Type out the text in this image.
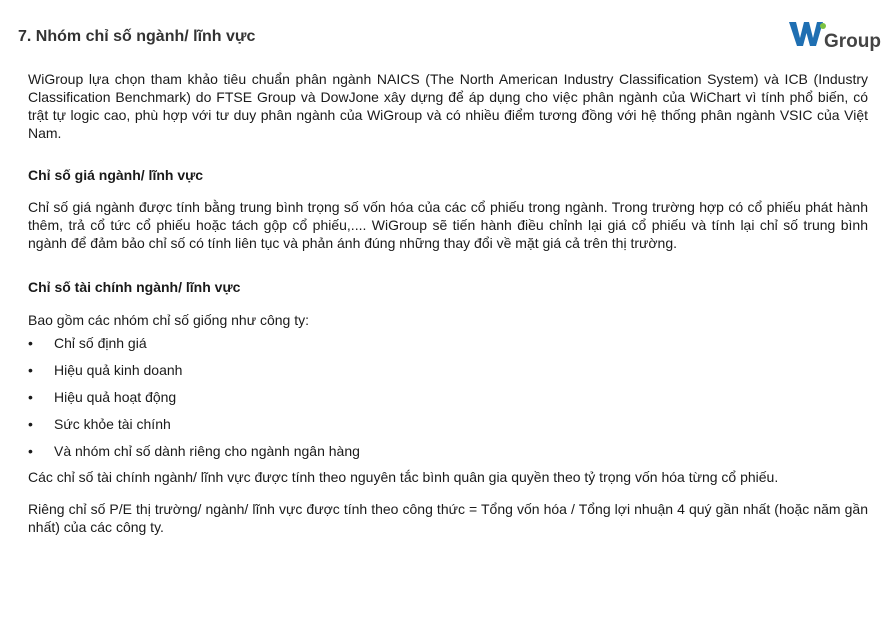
7. Nhóm chỉ số ngành/ lĩnh vực	Group

WiGroup lựa chọn tham khảo tiêu chuẩn phân ngành NAICS (The North American Industry Classification System) và ICB (Industry Classification Benchmark) do FTSE Group và DowJone xây dựng để áp dụng cho việc phân ngành của WiChart vì tính phổ biến, có trật tự logic cao, phù hợp với tư duy phân ngành của WiGroup và có nhiều điểm tương đồng với hệ thống phân ngành VSIC của Việt Nam.

Chỉ số giá ngành/ lĩnh vực

Chỉ số giá ngành được tính bằng trung bình trọng số vốn hóa của các cổ phiếu trong ngành. Trong trường hợp có cổ phiếu phát hành thêm, trả cổ tức cổ phiếu hoặc tách gộp cổ phiếu,.... WiGroup sẽ tiến hành điều chỉnh lại giá cổ phiếu và tính lại chỉ số trung bình ngành để đảm bảo chỉ số có tính liên tục và phản ánh đúng những thay đổi về mặt giá cả trên thị trường.

Chỉ số tài chính ngành/ lĩnh vực

Bao gồm các nhóm chỉ số giống như công ty:

• Chỉ số định giá
• Hiệu quả kinh doanh
• Hiệu quả hoạt động
• Sức khỏe tài chính
• Và nhóm chỉ số dành riêng cho ngành ngân hàng

Các chỉ số tài chính ngành/ lĩnh vực được tính theo nguyên tắc bình quân gia quyền theo tỷ trọng vốn hóa từng cổ phiếu.

Riêng chỉ số P/E thị trường/ ngành/ lĩnh vực được tính theo công thức = Tổng vốn hóa / Tổng lợi nhuận 4 quý gần nhất (hoặc năm gần nhất) của các công ty.
